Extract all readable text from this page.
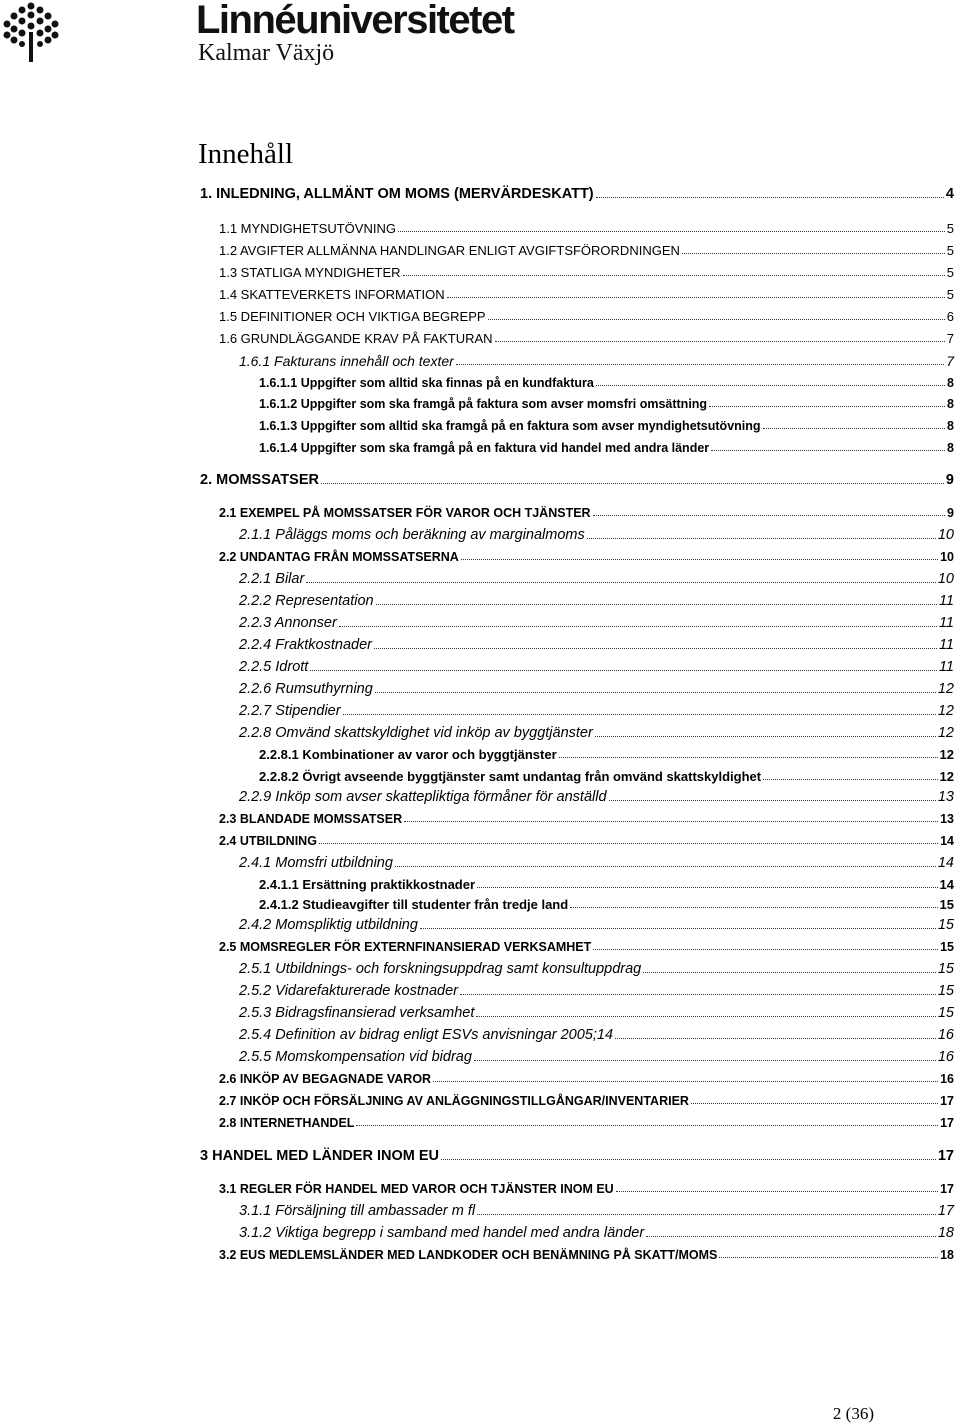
Linnéuniversitetet
Kalmar Växjö
Innehåll
1. INLEDNING, ALLMÄNT OM MOMS (MERVÄRDESKATT)	4
1.1 MYNDIGHETSUTÖVNING	5
1.2 AVGIFTER ALLMÄNNA HANDLINGAR ENLIGT AVGIFTSFÖRORDNINGEN	5
1.3 STATLIGA MYNDIGHETER	5
1.4 SKATTEVERKETS INFORMATION	5
1.5 DEFINITIONER OCH VIKTIGA BEGREPP	6
1.6 GRUNDLÄGGANDE KRAV PÅ FAKTURAN	7
1.6.1 Fakturans innehåll och texter	7
1.6.1.1 Uppgifter som alltid ska finnas på en kundfaktura	8
1.6.1.2 Uppgifter som ska framgå på faktura som avser momsfri omsättning	8
1.6.1.3 Uppgifter som alltid ska framgå på en faktura som avser myndighetsutövning	8
1.6.1.4 Uppgifter som ska framgå på en faktura vid handel med andra länder	8
2. MOMSSATSER	9
2.1 EXEMPEL PÅ MOMSSATSER FÖR VAROR OCH TJÄNSTER	9
2.1.1 Påläggs moms och beräkning av marginalmoms	10
2.2 UNDANTAG FRÅN MOMSSATSERNA	10
2.2.1 Bilar	10
2.2.2 Representation	11
2.2.3 Annonser	11
2.2.4 Fraktkostnader	11
2.2.5 Idrott	11
2.2.6 Rumsuthyrning	12
2.2.7 Stipendier	12
2.2.8 Omvänd skattskyldighet vid inköp av byggtjänster	12
2.2.8.1 Kombinationer av varor och byggtjänster	12
2.2.8.2 Övrigt avseende byggtjänster samt undantag från omvänd skattskyldighet	12
2.2.9 Inköp som avser skattepliktiga förmåner för anställd	13
2.3 BLANDADE MOMSSATSER	13
2.4 UTBILDNING	14
2.4.1 Momsfri utbildning	14
2.4.1.1 Ersättning praktikkostnader	14
2.4.1.2 Studieavgifter till studenter från tredje land	15
2.4.2 Momspliktig utbildning	15
2.5 MOMSREGLER FÖR EXTERNFINANSIERAD VERKSAMHET	15
2.5.1 Utbildnings- och forskningsuppdrag samt konsultuppdrag	15
2.5.2 Vidarefakturerade kostnader	15
2.5.3 Bidragsfinansierad verksamhet	15
2.5.4 Definition av bidrag enligt ESVs anvisningar 2005;14	16
2.5.5 Momskompensation vid bidrag	16
2.6 INKÖP AV BEGAGNADE VAROR	16
2.7 INKÖP OCH FÖRSÄLJNING AV ANLÄGGNINGSTILLGÅNGAR/INVENTARIER	17
2.8 INTERNETHANDEL	17
3 HANDEL MED LÄNDER INOM EU	17
3.1 REGLER FÖR HANDEL MED VAROR OCH TJÄNSTER INOM EU	17
3.1.1 Försäljning till ambassader m fl	17
3.1.2 Viktiga begrepp i samband med handel med andra länder	18
3.2 EUS MEDLEMSLÄNDER MED LANDKODER OCH BENÄMNING PÅ SKATT/MOMS	18
2 (36)
